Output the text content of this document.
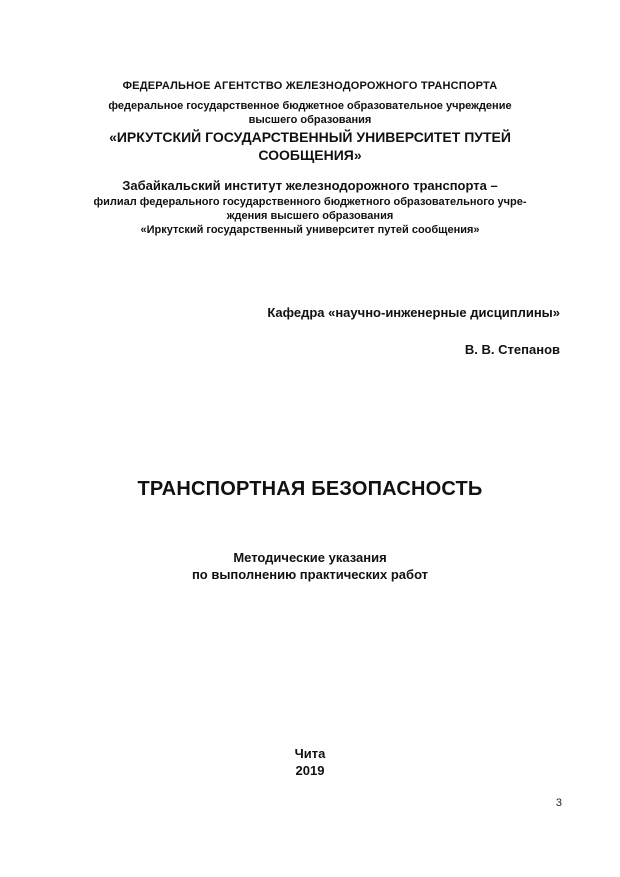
ФЕДЕРАЛЬНОЕ АГЕНТСТВО ЖЕЛЕЗНОДОРОЖНОГО ТРАНСПОРТА
федеральное государственное бюджетное образовательное учреждение
высшего образования
«ИРКУТСКИЙ ГОСУДАРСТВЕННЫЙ УНИВЕРСИТЕТ ПУТЕЙ
СООБЩЕНИЯ»
Забайкальский институт железнодорожного транспорта –
филиал федерального государственного бюджетного образовательного учре-
ждения высшего образования
«Иркутский государственный университет путей сообщения»
Кафедра «научно-инженерные дисциплины»
В. В. Степанов
ТРАНСПОРТНАЯ БЕЗОПАСНОСТЬ
Методические указания
по выполнению практических работ
Чита
2019
3
